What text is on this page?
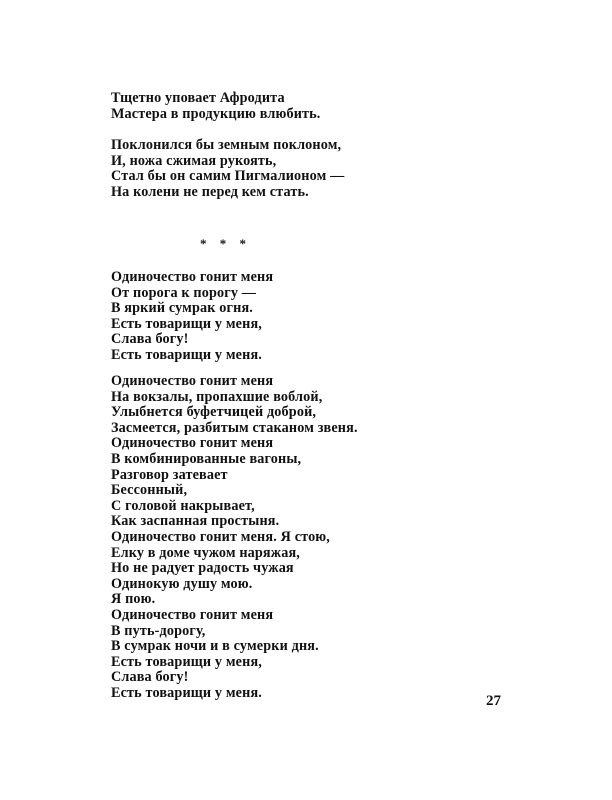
Тщетно уповает Афродита
Мастера в продукцию влюбить.
Поклонился бы земным поклоном,
И, ножа сжимая рукоять,
Стал бы он самим Пигмалионом —
На колени не перед кем стать.
* * *
Одиночество гонит меня
От порога к порогу —
В яркий сумрак огня.
Есть товарищи у меня,
Слава богу!
Есть товарищи у меня.
Одиночество гонит меня
На вокзалы, пропахшие воблой,
Улыбнется буфетчицей доброй,
Засмеется, разбитым стаканом звеня.
Одиночество гонит меня
В комбинированные вагоны,
Разговор затевает
Бессонный,
С головой накрывает,
Как заспанная простыня.
Одиночество гонит меня. Я стою,
Елку в доме чужом наряжая,
Но не радует радость чужая
Одинокую душу мою.
Я пою.
Одиночество гонит меня
В путь-дорогу,
В сумрак ночи и в сумерки дня.
Есть товарищи у меня,
Слава богу!
Есть товарищи у меня.
27
